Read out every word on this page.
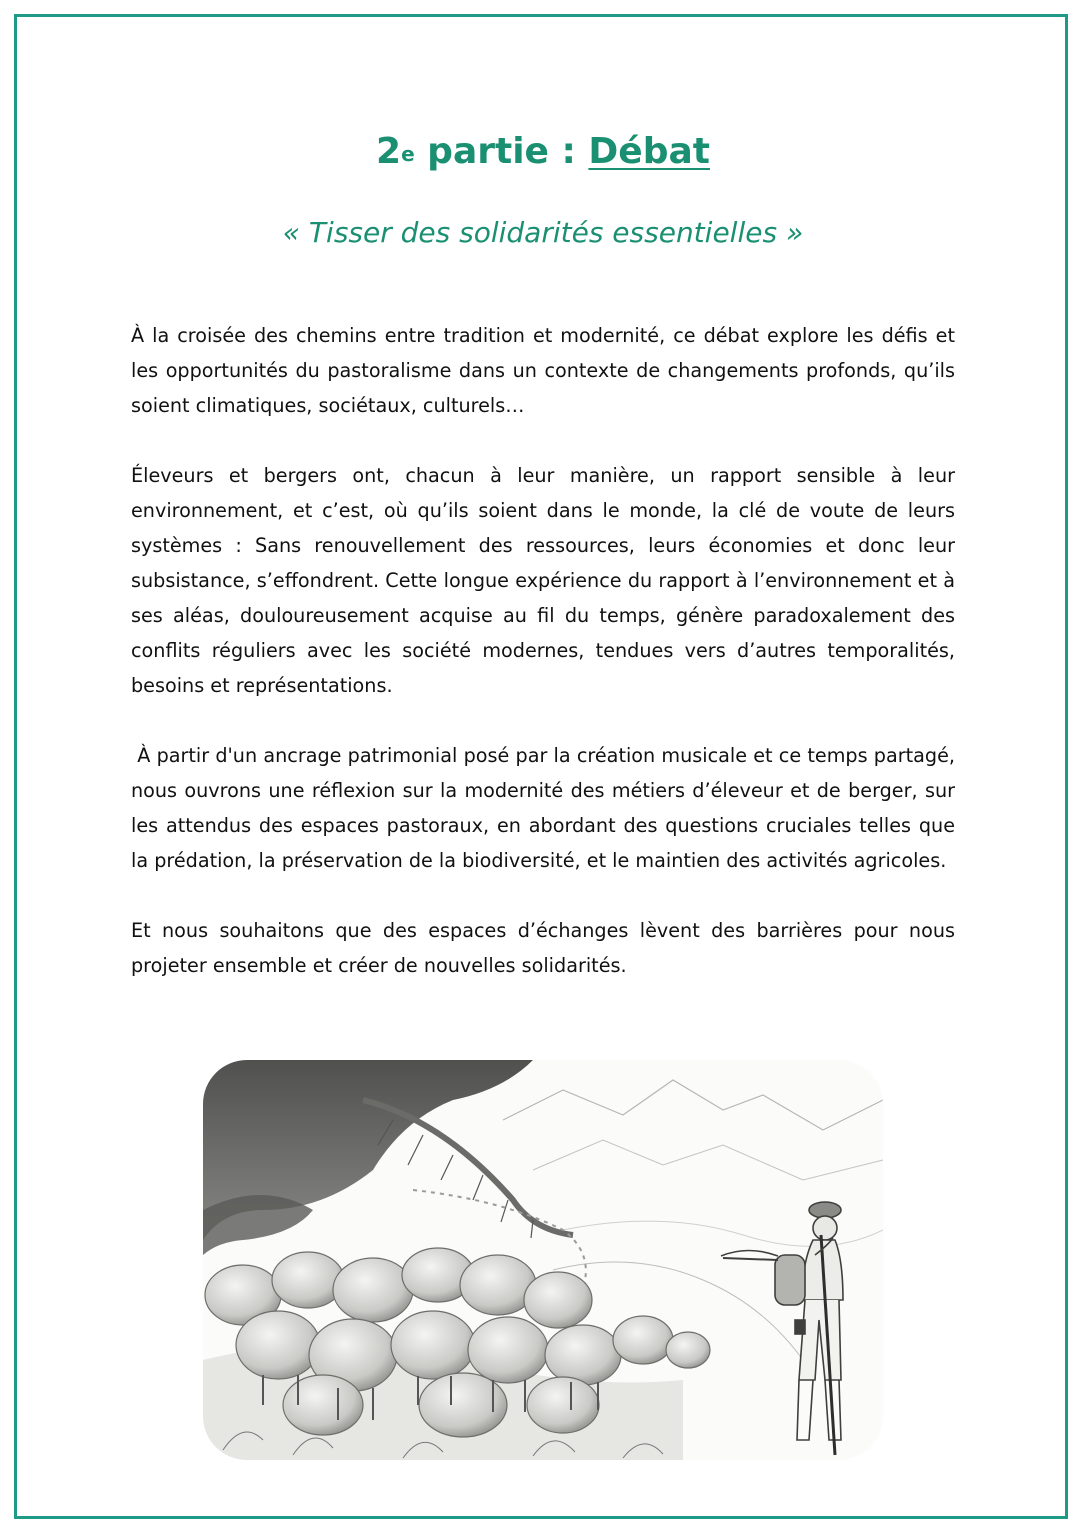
2e partie : Débat
« Tisser des solidarités essentielles »

À la croisée des chemins entre tradition et modernité, ce débat explore les défis et les opportunités du pastoralisme dans un contexte de changements profonds, qu’ils soient climatiques, sociétaux, culturels…

Éleveurs et bergers ont, chacun à leur manière, un rapport sensible à leur environnement, et c’est, où qu’ils soient dans le monde, la clé de voute de leurs systèmes : Sans renouvellement des ressources, leurs économies et donc leur subsistance, s’effondrent. Cette longue expérience du rapport à l’environnement et à ses aléas, douloureusement acquise au fil du temps, génère paradoxalement des conflits réguliers avec les société modernes, tendues vers d’autres temporalités, besoins et représentations.

À partir d'un ancrage patrimonial posé par la création musicale et ce temps partagé, nous ouvrons une réflexion sur la modernité des métiers d’éleveur et de berger, sur les attendus des espaces pastoraux, en abordant des questions cruciales telles que la prédation, la préservation de la biodiversité, et le maintien des activités agricoles.

Et nous souhaitons que des espaces d’échanges lèvent des barrières pour nous projeter ensemble et créer de nouvelles solidarités.
